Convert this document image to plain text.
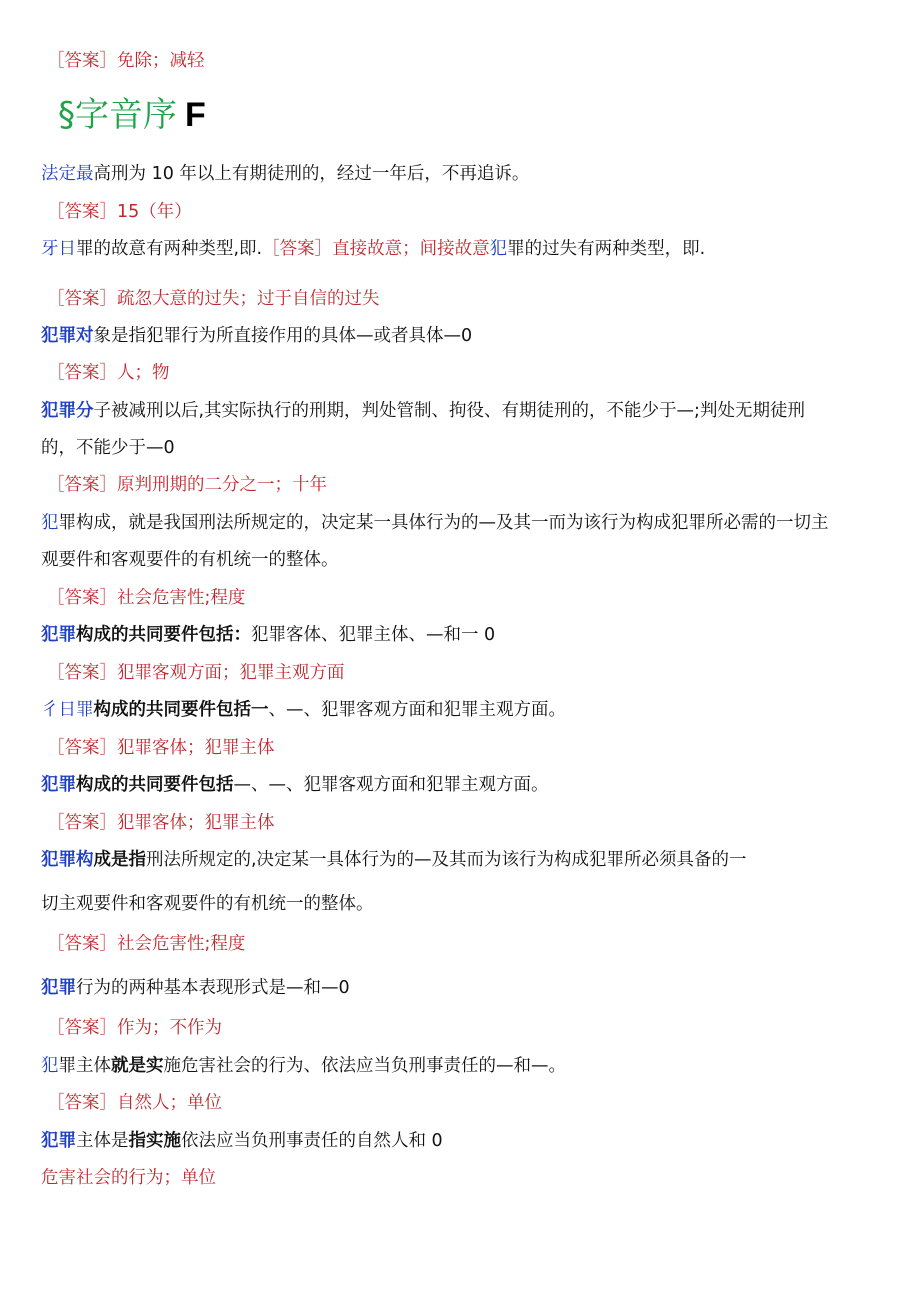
［答案］免除；减轻
§字音序 F
法定最高刑为 10 年以上有期徒刑的，经过一年后，不再追诉。
［答案］15（年）
牙日罪的故意有两种类型,即.［答案］直接故意；间接故意犯罪的过失有两种类型，即.
［答案］疏忽大意的过失；过于自信的过失
犯罪对象是指犯罪行为所直接作用的具体—或者具体—0
［答案］人；物
犯罪分子被减刑以后,其实际执行的刑期，判处管制、拘役、有期徒刑的，不能少于—;判处无期徒刑
的，不能少于—0
［答案］原判刑期的二分之一；十年
犯罪构成，就是我国刑法所规定的，决定某一具体行为的—及其一而为该行为构成犯罪所必需的一切主
观要件和客观要件的有机统一的整体。
［答案］社会危害性;程度
犯罪构成的共同要件包括：犯罪客体、犯罪主体、—和一 0
［答案］犯罪客观方面；犯罪主观方面
彳日罪构成的共同要件包括一、—、犯罪客观方面和犯罪主观方面。
［答案］犯罪客体；犯罪主体
犯罪构成的共同要件包括—、—、犯罪客观方面和犯罪主观方面。
［答案］犯罪客体；犯罪主体
犯罪构成是指刑法所规定的,决定某一具体行为的—及其而为该行为构成犯罪所必须具备的一
切主观要件和客观要件的有机统一的整体。
［答案］社会危害性;程度
犯罪行为的两种基本表现形式是—和—0
［答案］作为；不作为
犯罪主体就是实施危害社会的行为、依法应当负刑事责任的—和—。
［答案］自然人；单位
犯罪主体是指实施依法应当负刑事责任的自然人和 0
危害社会的行为；单位
